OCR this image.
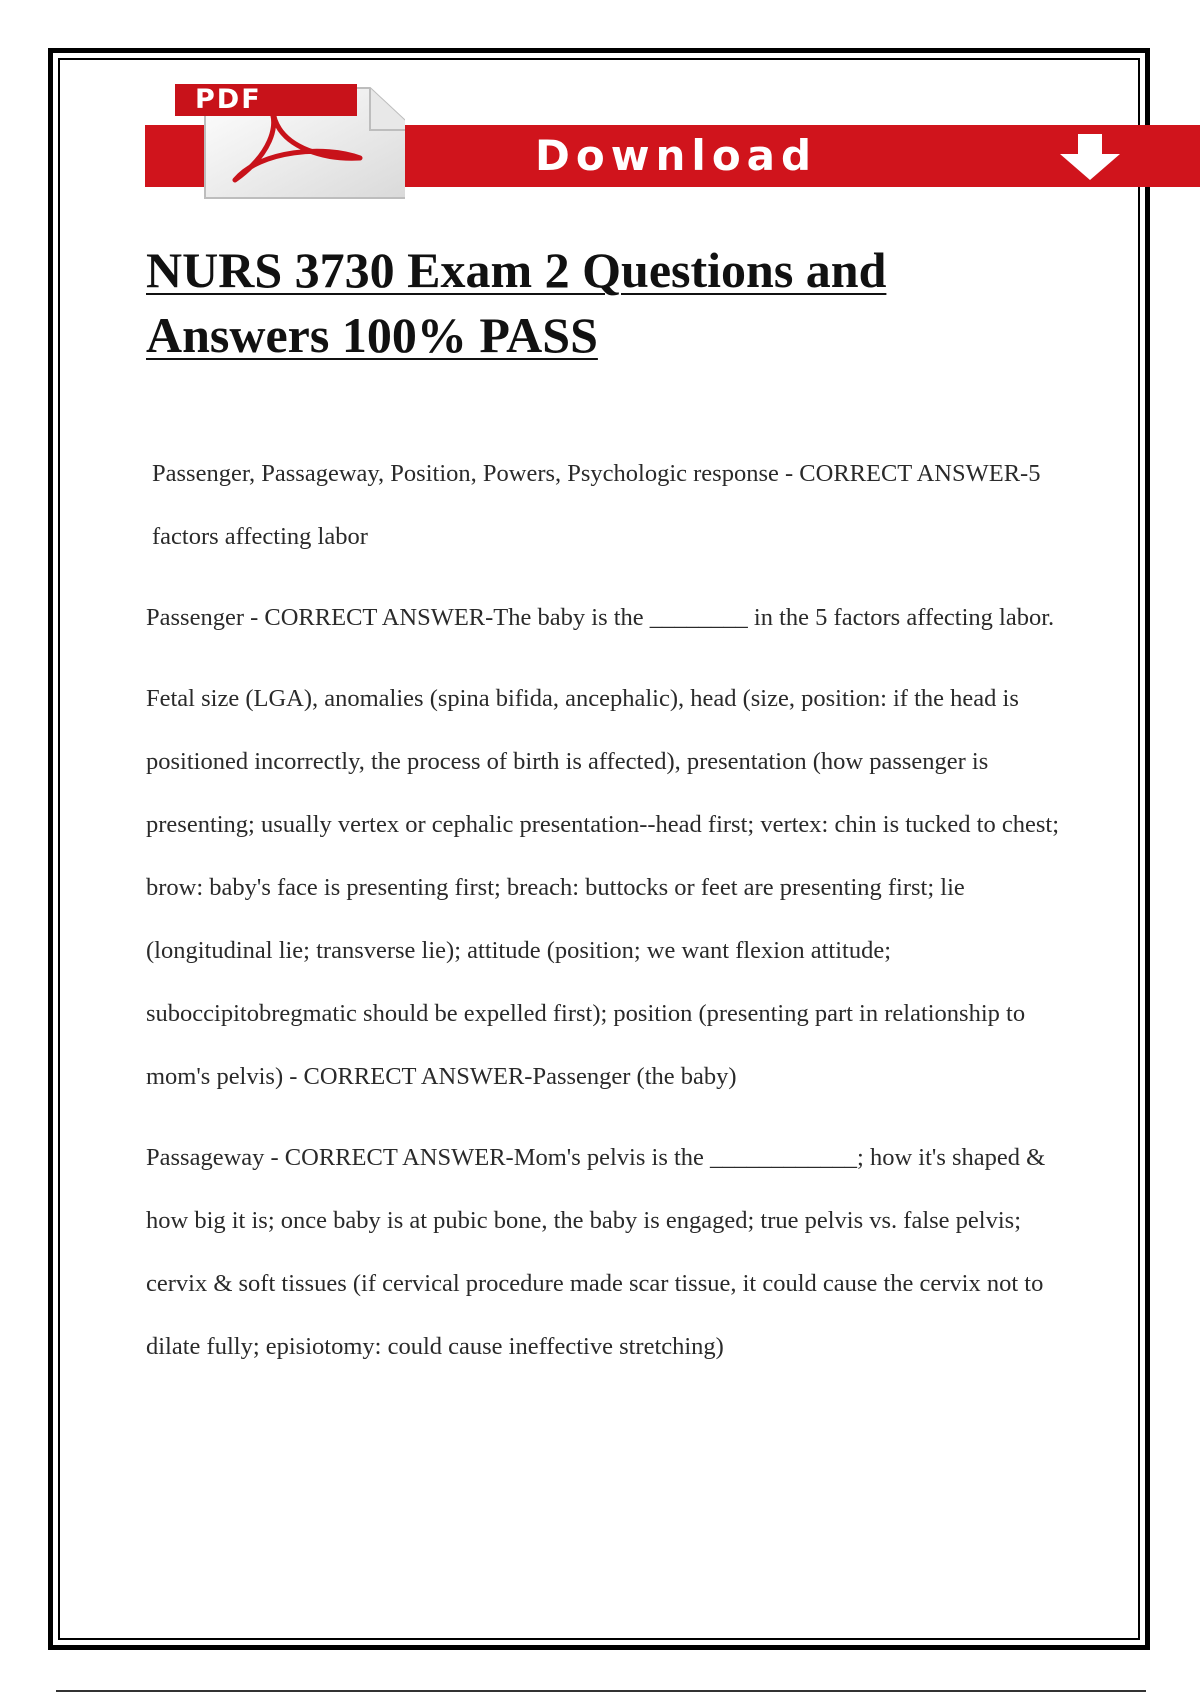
PDF
Download
NURS 3730 Exam 2 Questions and
Answers 100% PASS

Passenger, Passageway, Position, Powers, Psychologic response - CORRECT ANSWER-5 factors affecting labor

Passenger - CORRECT ANSWER-The baby is the ________ in the 5 factors affecting labor.

Fetal size (LGA), anomalies (spina bifida, ancephalic), head (size, position: if the head is positioned incorrectly, the process of birth is affected), presentation (how passenger is presenting; usually vertex or cephalic presentation--head first; vertex: chin is tucked to chest; brow: baby's face is presenting first; breach: buttocks or feet are presenting first; lie (longitudinal lie; transverse lie); attitude (position; we want flexion attitude; suboccipitobregmatic should be expelled first); position (presenting part in relationship to mom's pelvis) - CORRECT ANSWER-Passenger (the baby)

Passageway - CORRECT ANSWER-Mom's pelvis is the ____________; how it's shaped & how big it is; once baby is at pubic bone, the baby is engaged; true pelvis vs. false pelvis; cervix & soft tissues (if cervical procedure made scar tissue, it could cause the cervix not to dilate fully; episiotomy: could cause ineffective stretching)
